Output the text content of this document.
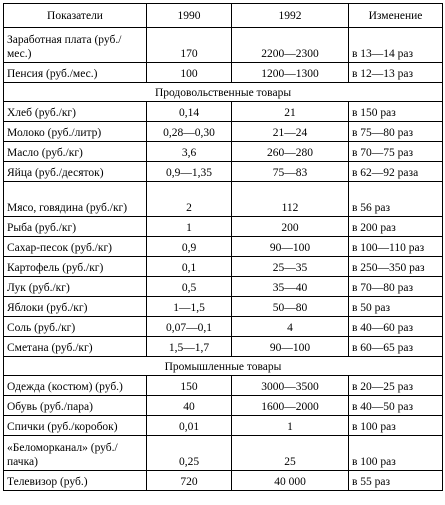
Показатели	1990	1992	Изменение
Заработная плата (руб./мес.)	170	2200—2300	в 13—14 раз
Пенсия (руб./мес.)	100	1200—1300	в 12—13 раз
Продовольственные товары			
Хлеб (руб./кг)	0,14	21	в 150 раз
Молоко (руб./литр)	0,28—0,30	21—24	в 75—80 раз
Масло (руб./кг)	3,6	260—280	в 70—75 раз
Яйца (руб./десяток)	0,9—1,35	75—83	в 62—92 раза
Мясо, говядина (руб./кг)	2	112	в 56 раз
Рыба (руб./кг)	1	200	в 200 раз
Сахар-песок (руб./кг)	0,9	90—100	в 100—110 раз
Картофель (руб./кг)	0,1	25—35	в 250—350 раз
Лук (руб./кг)	0,5	35—40	в 70—80 раз
Яблоки (руб./кг)	1—1,5	50—80	в 50 раз
Соль (руб./кг)	0,07—0,1	4	в 40—60 раз
Сметана (руб./кг)	1,5—1,7	90—100	в 60—65 раз
Промышленные товары			
Одежда (костюм) (руб.)	150	3000—3500	в 20—25 раз
Обувь (руб./пара)	40	1600—2000	в 40—50 раз
Спички (руб./коробок)	0,01	1	в 100 раз
«Беломорканал» (руб./пачка)	0,25	25	в 100 раз
Телевизор (руб.)	720	40 000	в 55 раз
